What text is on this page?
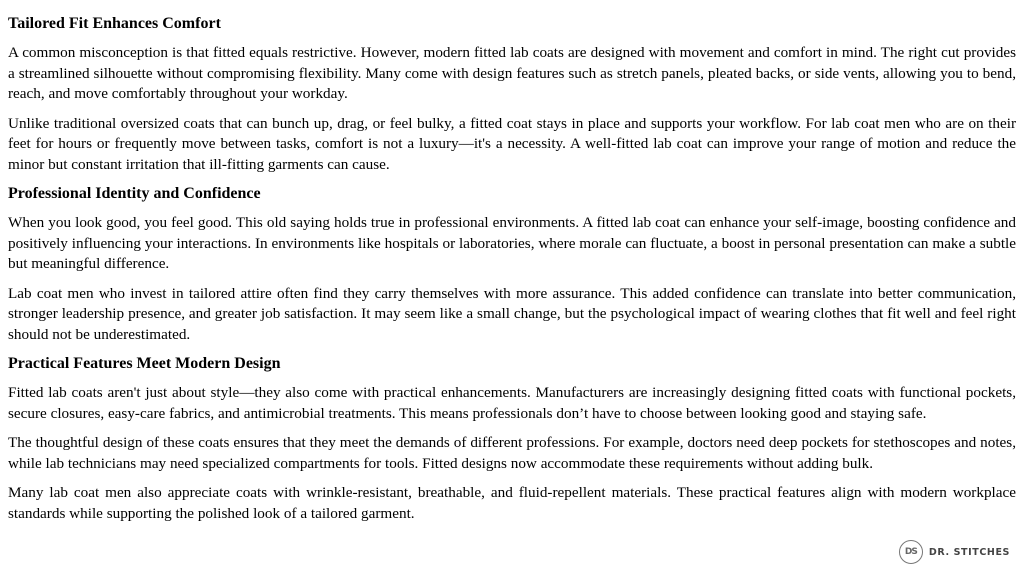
Tailored Fit Enhances Comfort

A common misconception is that fitted equals restrictive. However, modern fitted lab coats are designed with movement and comfort in mind. The right cut provides a streamlined silhouette without compromising flexibility. Many come with design features such as stretch panels, pleated backs, or side vents, allowing you to bend, reach, and move comfortably throughout your workday.

Unlike traditional oversized coats that can bunch up, drag, or feel bulky, a fitted coat stays in place and supports your workflow. For lab coat men who are on their feet for hours or frequently move between tasks, comfort is not a luxury—it's a necessity. A well-fitted lab coat can improve your range of motion and reduce the minor but constant irritation that ill-fitting garments can cause.

Professional Identity and Confidence

When you look good, you feel good. This old saying holds true in professional environments. A fitted lab coat can enhance your self-image, boosting confidence and positively influencing your interactions. In environments like hospitals or laboratories, where morale can fluctuate, a boost in personal presentation can make a subtle but meaningful difference.

Lab coat men who invest in tailored attire often find they carry themselves with more assurance. This added confidence can translate into better communication, stronger leadership presence, and greater job satisfaction. It may seem like a small change, but the psychological impact of wearing clothes that fit well and feel right should not be underestimated.

Practical Features Meet Modern Design

Fitted lab coats aren't just about style—they also come with practical enhancements. Manufacturers are increasingly designing fitted coats with functional pockets, secure closures, easy-care fabrics, and antimicrobial treatments. This means professionals don’t have to choose between looking good and staying safe.

The thoughtful design of these coats ensures that they meet the demands of different professions. For example, doctors need deep pockets for stethoscopes and notes, while lab technicians may need specialized compartments for tools. Fitted designs now accommodate these requirements without adding bulk.

Many lab coat men also appreciate coats with wrinkle-resistant, breathable, and fluid-repellent materials. These practical features align with modern workplace standards while supporting the polished look of a tailored garment.

DS	DR. STITCHES
